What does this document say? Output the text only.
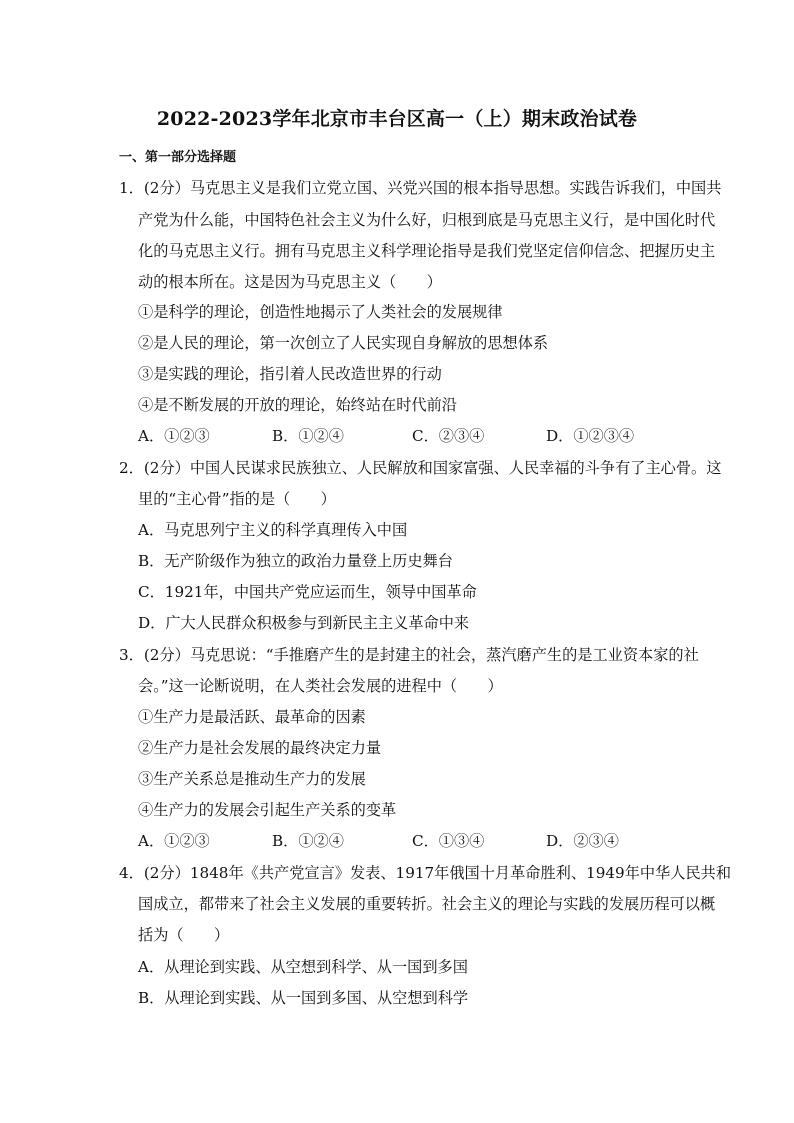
2022-2023学年北京市丰台区高一（上）期末政治试卷
一、第一部分选择题
1．(2分）马克思主义是我们立党立国、兴党兴国的根本指导思想。实践告诉我们，中国共
产党为什么能，中国特色社会主义为什么好，归根到底是马克思主义行，是中国化时代
化的马克思主义行。拥有马克思主义科学理论指导是我们党坚定信仰信念、把握历史主
动的根本所在。这是因为马克思主义（　　）
①是科学的理论，创造性地揭示了人类社会的发展规律
②是人民的理论，第一次创立了人民实现自身解放的思想体系
③是实践的理论，指引着人民改造世界的行动
④是不断发展的开放的理论，始终站在时代前沿
A．①②③	B．①②④	C．②③④	D．①②③④
2．(2分）中国人民谋求民族独立、人民解放和国家富强、人民幸福的斗争有了主心骨。这
里的“主心骨”指的是（　　）
A．马克思列宁主义的科学真理传入中国
B．无产阶级作为独立的政治力量登上历史舞台
C．1921年，中国共产党应运而生，领导中国革命
D．广大人民群众积极参与到新民主主义革命中来
3．(2分）马克思说：“手推磨产生的是封建主的社会，蒸汽磨产生的是工业资本家的社
会。”这一论断说明，在人类社会发展的进程中（　　）
①生产力是最活跃、最革命的因素
②生产力是社会发展的最终决定力量
③生产关系总是推动生产力的发展
④生产力的发展会引起生产关系的变革
A．①②③	B．①②④	C．①③④	D．②③④
4．(2分）1848年《共产党宣言》发表、1917年俄国十月革命胜利、1949年中华人民共和
国成立，都带来了社会主义发展的重要转折。社会主义的理论与实践的发展历程可以概
括为（　　）
A．从理论到实践、从空想到科学、从一国到多国
B．从理论到实践、从一国到多国、从空想到科学
